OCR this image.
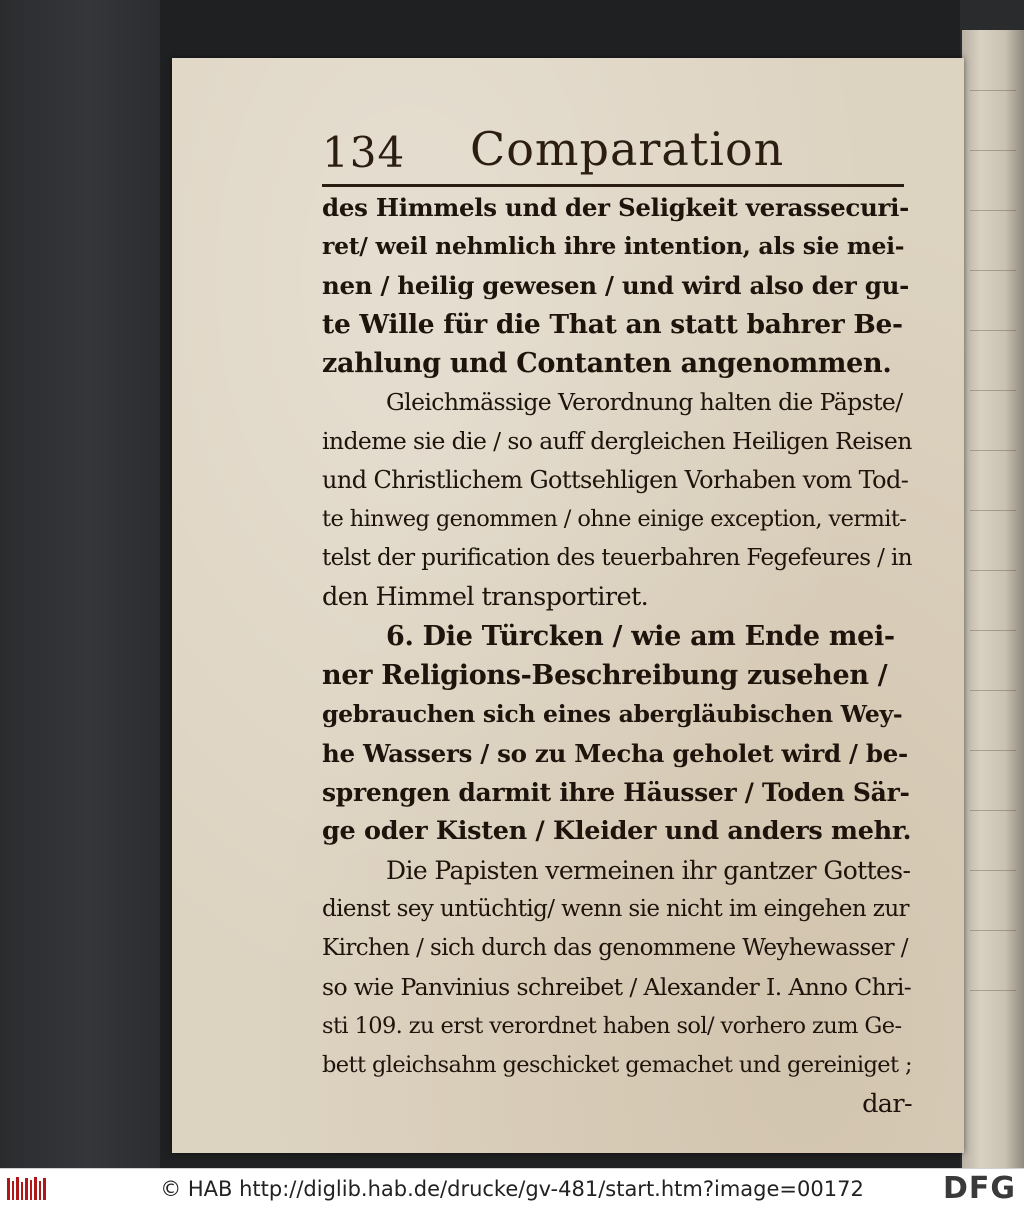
134 Comparation
des Himmels und der Seligkeit verassecuri-
ret/ weil nehmlich ihre intention, als sie mei-
nen / heilig gewesen / und wird also der gu-
te Wille für die That an statt bahrer Be-
zahlung und Contanten angenommen.
Gleichmässige Verordnung halten die Päpste/
indeme sie die / so auff dergleichen Heiligen Reisen
und Christlichem Gottsehligen Vorhaben vom Tod-
te hinweg genommen / ohne einige exception, vermit-
telst der purification des teuerbahren Fegefeures / in
den Himmel transportiret.
6. Die Türcken / wie am Ende mei-
ner Religions-Beschreibung zusehen /
gebrauchen sich eines abergläubischen Wey-
he Wassers / so zu Mecha geholet wird / be-
sprengen darmit ihre Häusser / Toden Sär-
ge oder Kisten / Kleider und anders mehr.
Die Papisten vermeinen ihr gantzer Gottes-
dienst sey untüchtig/ wenn sie nicht im eingehen zur
Kirchen / sich durch das genommene Weyhewasser /
so wie Panvinius schreibet / Alexander I. Anno Chri-
sti 109. zu erst verordnet haben sol/ vorhero zum Ge-
bett gleichsahm geschicket gemachet und gereiniget ;
dar-
© HAB http://diglib.hab.de/drucke/gv-481/start.htm?image=00172	DFG
